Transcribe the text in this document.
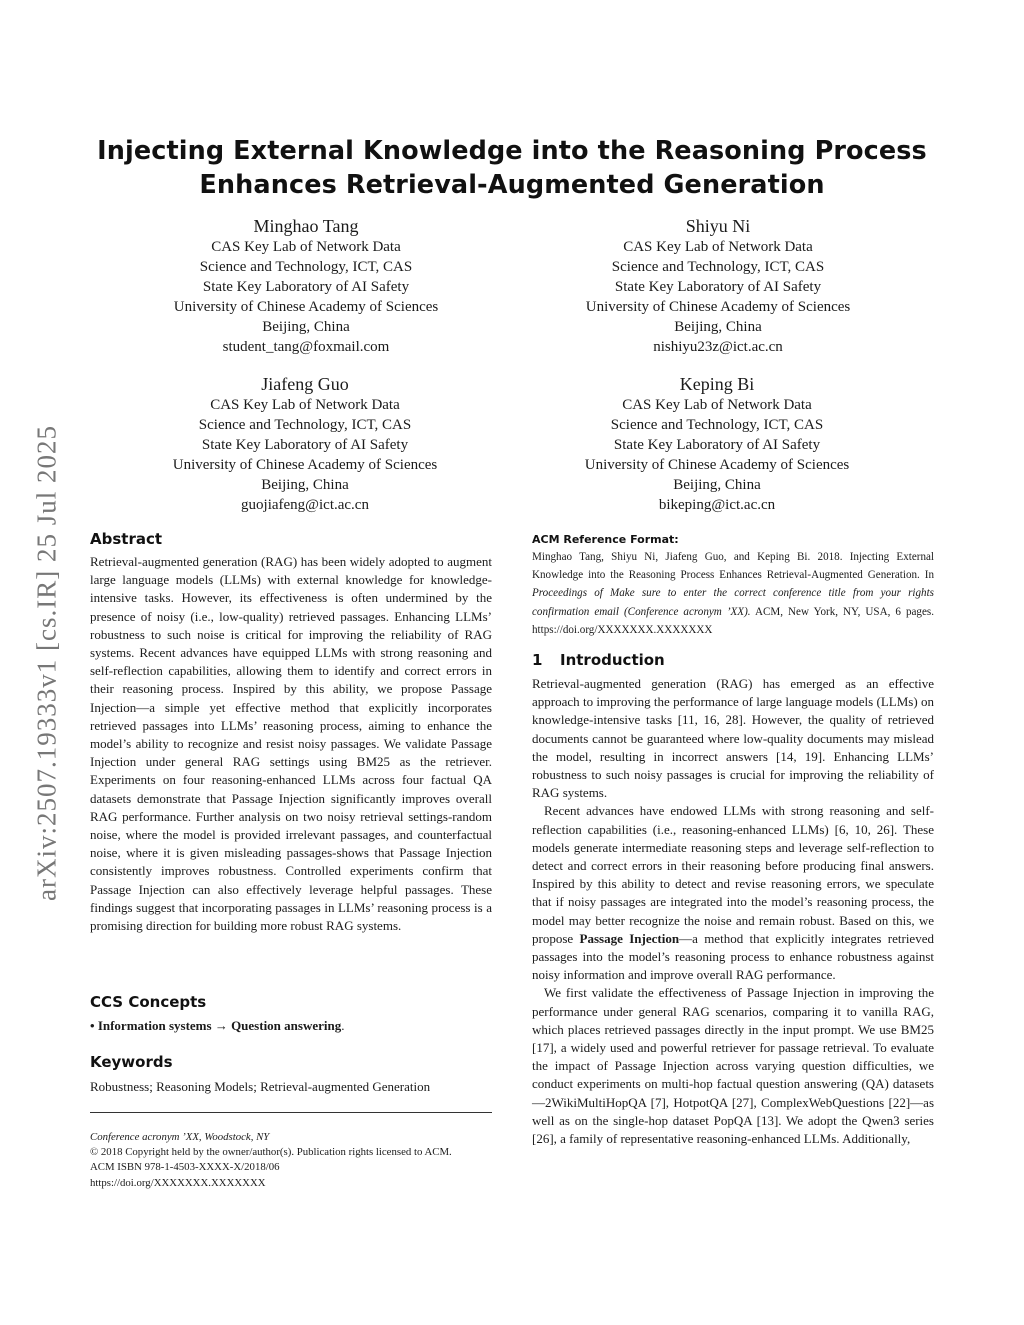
arXiv:2507.19333v1 [cs.IR] 25 Jul 2025
Injecting External Knowledge into the Reasoning Process
Enhances Retrieval-Augmented Generation
Minghao Tang
CAS Key Lab of Network Data
Science and Technology, ICT, CAS
State Key Laboratory of AI Safety
University of Chinese Academy of Sciences
Beijing, China
student_tang@foxmail.com
Shiyu Ni
CAS Key Lab of Network Data
Science and Technology, ICT, CAS
State Key Laboratory of AI Safety
University of Chinese Academy of Sciences
Beijing, China
nishiyu23z@ict.ac.cn
Jiafeng Guo
CAS Key Lab of Network Data
Science and Technology, ICT, CAS
State Key Laboratory of AI Safety
University of Chinese Academy of Sciences
Beijing, China
guojiafeng@ict.ac.cn
Keping Bi
CAS Key Lab of Network Data
Science and Technology, ICT, CAS
State Key Laboratory of AI Safety
University of Chinese Academy of Sciences
Beijing, China
bikeping@ict.ac.cn
Abstract

Retrieval-augmented generation (RAG) has been widely adopted to augment large language models (LLMs) with external knowledge for knowledge-intensive tasks. However, its effectiveness is often undermined by the presence of noisy (i.e., low-quality) retrieved passages. Enhancing LLMs’ robustness to such noise is critical for improving the reliability of RAG systems. Recent advances have equipped LLMs with strong reasoning and self-reflection capabilities, allowing them to identify and correct errors in their reasoning process. Inspired by this ability, we propose Passage Injection—a simple yet effective method that explicitly incorporates retrieved passages into LLMs’ reasoning process, aiming to enhance the model’s ability to recognize and resist noisy passages. We validate Passage Injection under general RAG settings using BM25 as the retriever. Experiments on four reasoning-enhanced LLMs across four factual QA datasets demonstrate that Passage Injection significantly improves overall RAG performance. Further analysis on two noisy retrieval settings-random noise, where the model is provided irrelevant passages, and counterfactual noise, where it is given misleading passages-shows that Passage Injection consistently improves robustness. Controlled experiments confirm that Passage Injection can also effectively leverage helpful passages. These findings suggest that incorporating passages in LLMs’ reasoning process is a promising direction for building more robust RAG systems.

CCS Concepts
• Information systems → Question answering.
Keywords
Robustness; Reasoning Models; Retrieval-augmented Generation
Conference acronym ’XX, Woodstock, NY
© 2018 Copyright held by the owner/author(s). Publication rights licensed to ACM.
ACM ISBN 978-1-4503-XXXX-X/2018/06
https://doi.org/XXXXXXX.XXXXXXX
ACM Reference Format:

Minghao Tang, Shiyu Ni, Jiafeng Guo, and Keping Bi. 2018. Injecting External Knowledge into the Reasoning Process Enhances Retrieval-Augmented Generation. In Proceedings of Make sure to enter the correct conference title from your rights confirmation email (Conference acronym ’XX). ACM, New York, NY, USA, 6 pages. https://doi.org/XXXXXXX.XXXXXXX

1 Introduction

Retrieval-augmented generation (RAG) has emerged as an effective approach to improving the performance of large language models (LLMs) on knowledge-intensive tasks [11, 16, 28]. However, the quality of retrieved documents cannot be guaranteed where low-quality documents may mislead the model, resulting in incorrect answers [14, 19]. Enhancing LLMs’ robustness to such noisy passages is crucial for improving the reliability of RAG systems.

Recent advances have endowed LLMs with strong reasoning and self-reflection capabilities (i.e., reasoning-enhanced LLMs) [6, 10, 26]. These models generate intermediate reasoning steps and leverage self-reflection to detect and correct errors in their reasoning before producing final answers. Inspired by this ability to detect and revise reasoning errors, we speculate that if noisy passages are integrated into the model’s reasoning process, the model may better recognize the noise and remain robust. Based on this, we propose Passage Injection—a method that explicitly integrates retrieved passages into the model’s reasoning process to enhance robustness against noisy information and improve overall RAG performance.

We first validate the effectiveness of Passage Injection in improving the performance under general RAG scenarios, comparing it to vanilla RAG, which places retrieved passages directly in the input prompt. We use BM25 [17], a widely used and powerful retriever for passage retrieval. To evaluate the impact of Passage Injection across varying question difficulties, we conduct experiments on multi-hop factual question answering (QA) datasets—2WikiMultiHopQA [7], HotpotQA [27], ComplexWebQuestions [22]—as well as on the single-hop dataset PopQA [13]. We adopt the Qwen3 series [26], a family of representative reasoning-enhanced LLMs. Additionally,
